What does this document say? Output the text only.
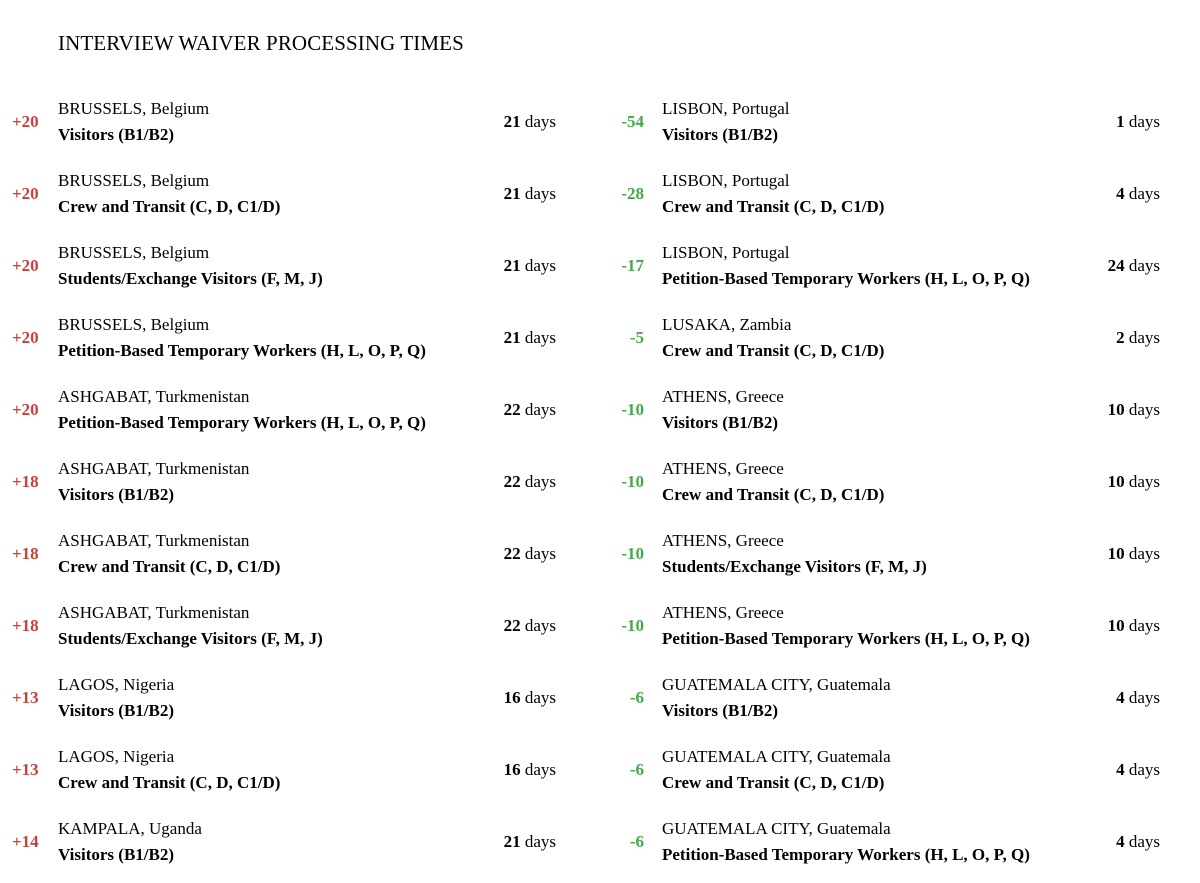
INTERVIEW WAIVER PROCESSING TIMES
+20
BRUSSELS, Belgium
Visitors (B1/B2)
21 days
+20
BRUSSELS, Belgium
Crew and Transit (C, D, C1/D)
21 days
+20
BRUSSELS, Belgium
Students/Exchange Visitors (F, M, J)
21 days
+20
BRUSSELS, Belgium
Petition-Based Temporary Workers (H, L, O, P, Q)
21 days
+20
ASHGABAT, Turkmenistan
Petition-Based Temporary Workers (H, L, O, P, Q)
22 days
+18
ASHGABAT, Turkmenistan
Visitors (B1/B2)
22 days
+18
ASHGABAT, Turkmenistan
Crew and Transit (C, D, C1/D)
22 days
+18
ASHGABAT, Turkmenistan
Students/Exchange Visitors (F, M, J)
22 days
+13
LAGOS, Nigeria
Visitors (B1/B2)
16 days
+13
LAGOS, Nigeria
Crew and Transit (C, D, C1/D)
16 days
+14
KAMPALA, Uganda
Visitors (B1/B2)
21 days
-54
LISBON, Portugal
Visitors (B1/B2)
1 days
-28
LISBON, Portugal
Crew and Transit (C, D, C1/D)
4 days
-17
LISBON, Portugal
Petition-Based Temporary Workers (H, L, O, P, Q)
24 days
-5
LUSAKA, Zambia
Crew and Transit (C, D, C1/D)
2 days
-10
ATHENS, Greece
Visitors (B1/B2)
10 days
-10
ATHENS, Greece
Crew and Transit (C, D, C1/D)
10 days
-10
ATHENS, Greece
Students/Exchange Visitors (F, M, J)
10 days
-10
ATHENS, Greece
Petition-Based Temporary Workers (H, L, O, P, Q)
10 days
-6
GUATEMALA CITY, Guatemala
Visitors (B1/B2)
4 days
-6
GUATEMALA CITY, Guatemala
Crew and Transit (C, D, C1/D)
4 days
-6
GUATEMALA CITY, Guatemala
Petition-Based Temporary Workers (H, L, O, P, Q)
4 days
